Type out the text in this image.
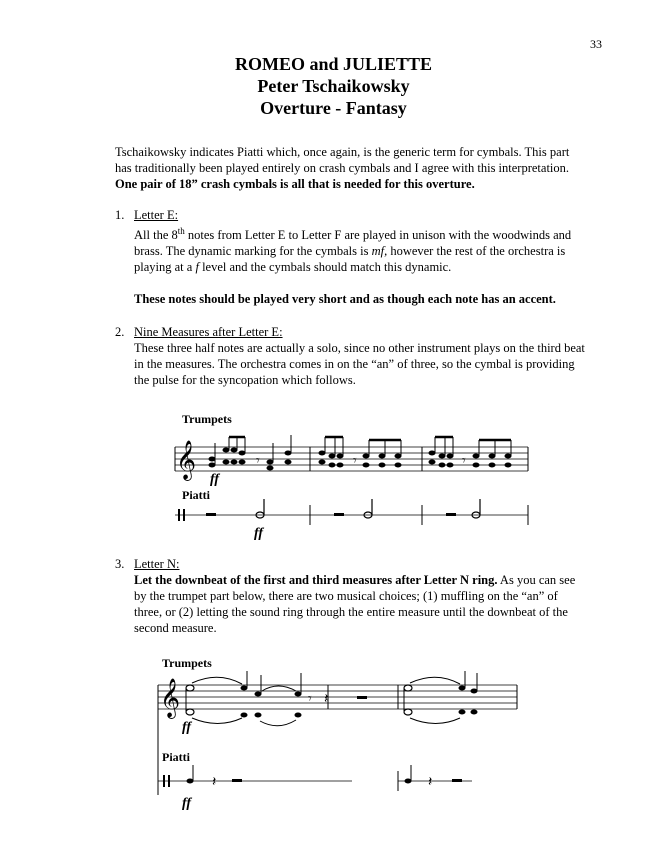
33
ROMEO and JULIETTE
Peter Tschaikowsky
Overture - Fantasy
Tschaikowsky indicates Piatti which, once again, is the generic term for cymbals. This part has traditionally been played entirely on crash cymbals and I agree with this interpretation. One pair of 18” crash cymbals is all that is needed for this overture.
1. Letter E:
All the 8th notes from Letter E to Letter F are played in unison with the woodwinds and brass. The dynamic marking for the cymbals is mf, however the rest of the orchestra is playing at a f level and the cymbals should match this dynamic.
These notes should be played very short and as though each note has an accent.
2. Nine Measures after Letter E:
These three half notes are actually a solo, since no other instrument plays on the third beat in the measures. The orchestra comes in on the “an” of three, so the cymbal is providing the pulse for the syncopation which follows.
Trumpets
𝄞	𝄾	𝄾	𝄾
ff
Piatti
ff
3. Letter N:
Let the downbeat of the first and third measures after Letter N ring. As you can see by the trumpet part below, there are two musical choices; (1) muffling on the “an” of three, or (2) letting the sound ring through the entire measure until the downbeat of the second measure.
Trumpets
𝄞	𝄾 𝄽
ff
Piatti
𝄽	𝄽
ff
